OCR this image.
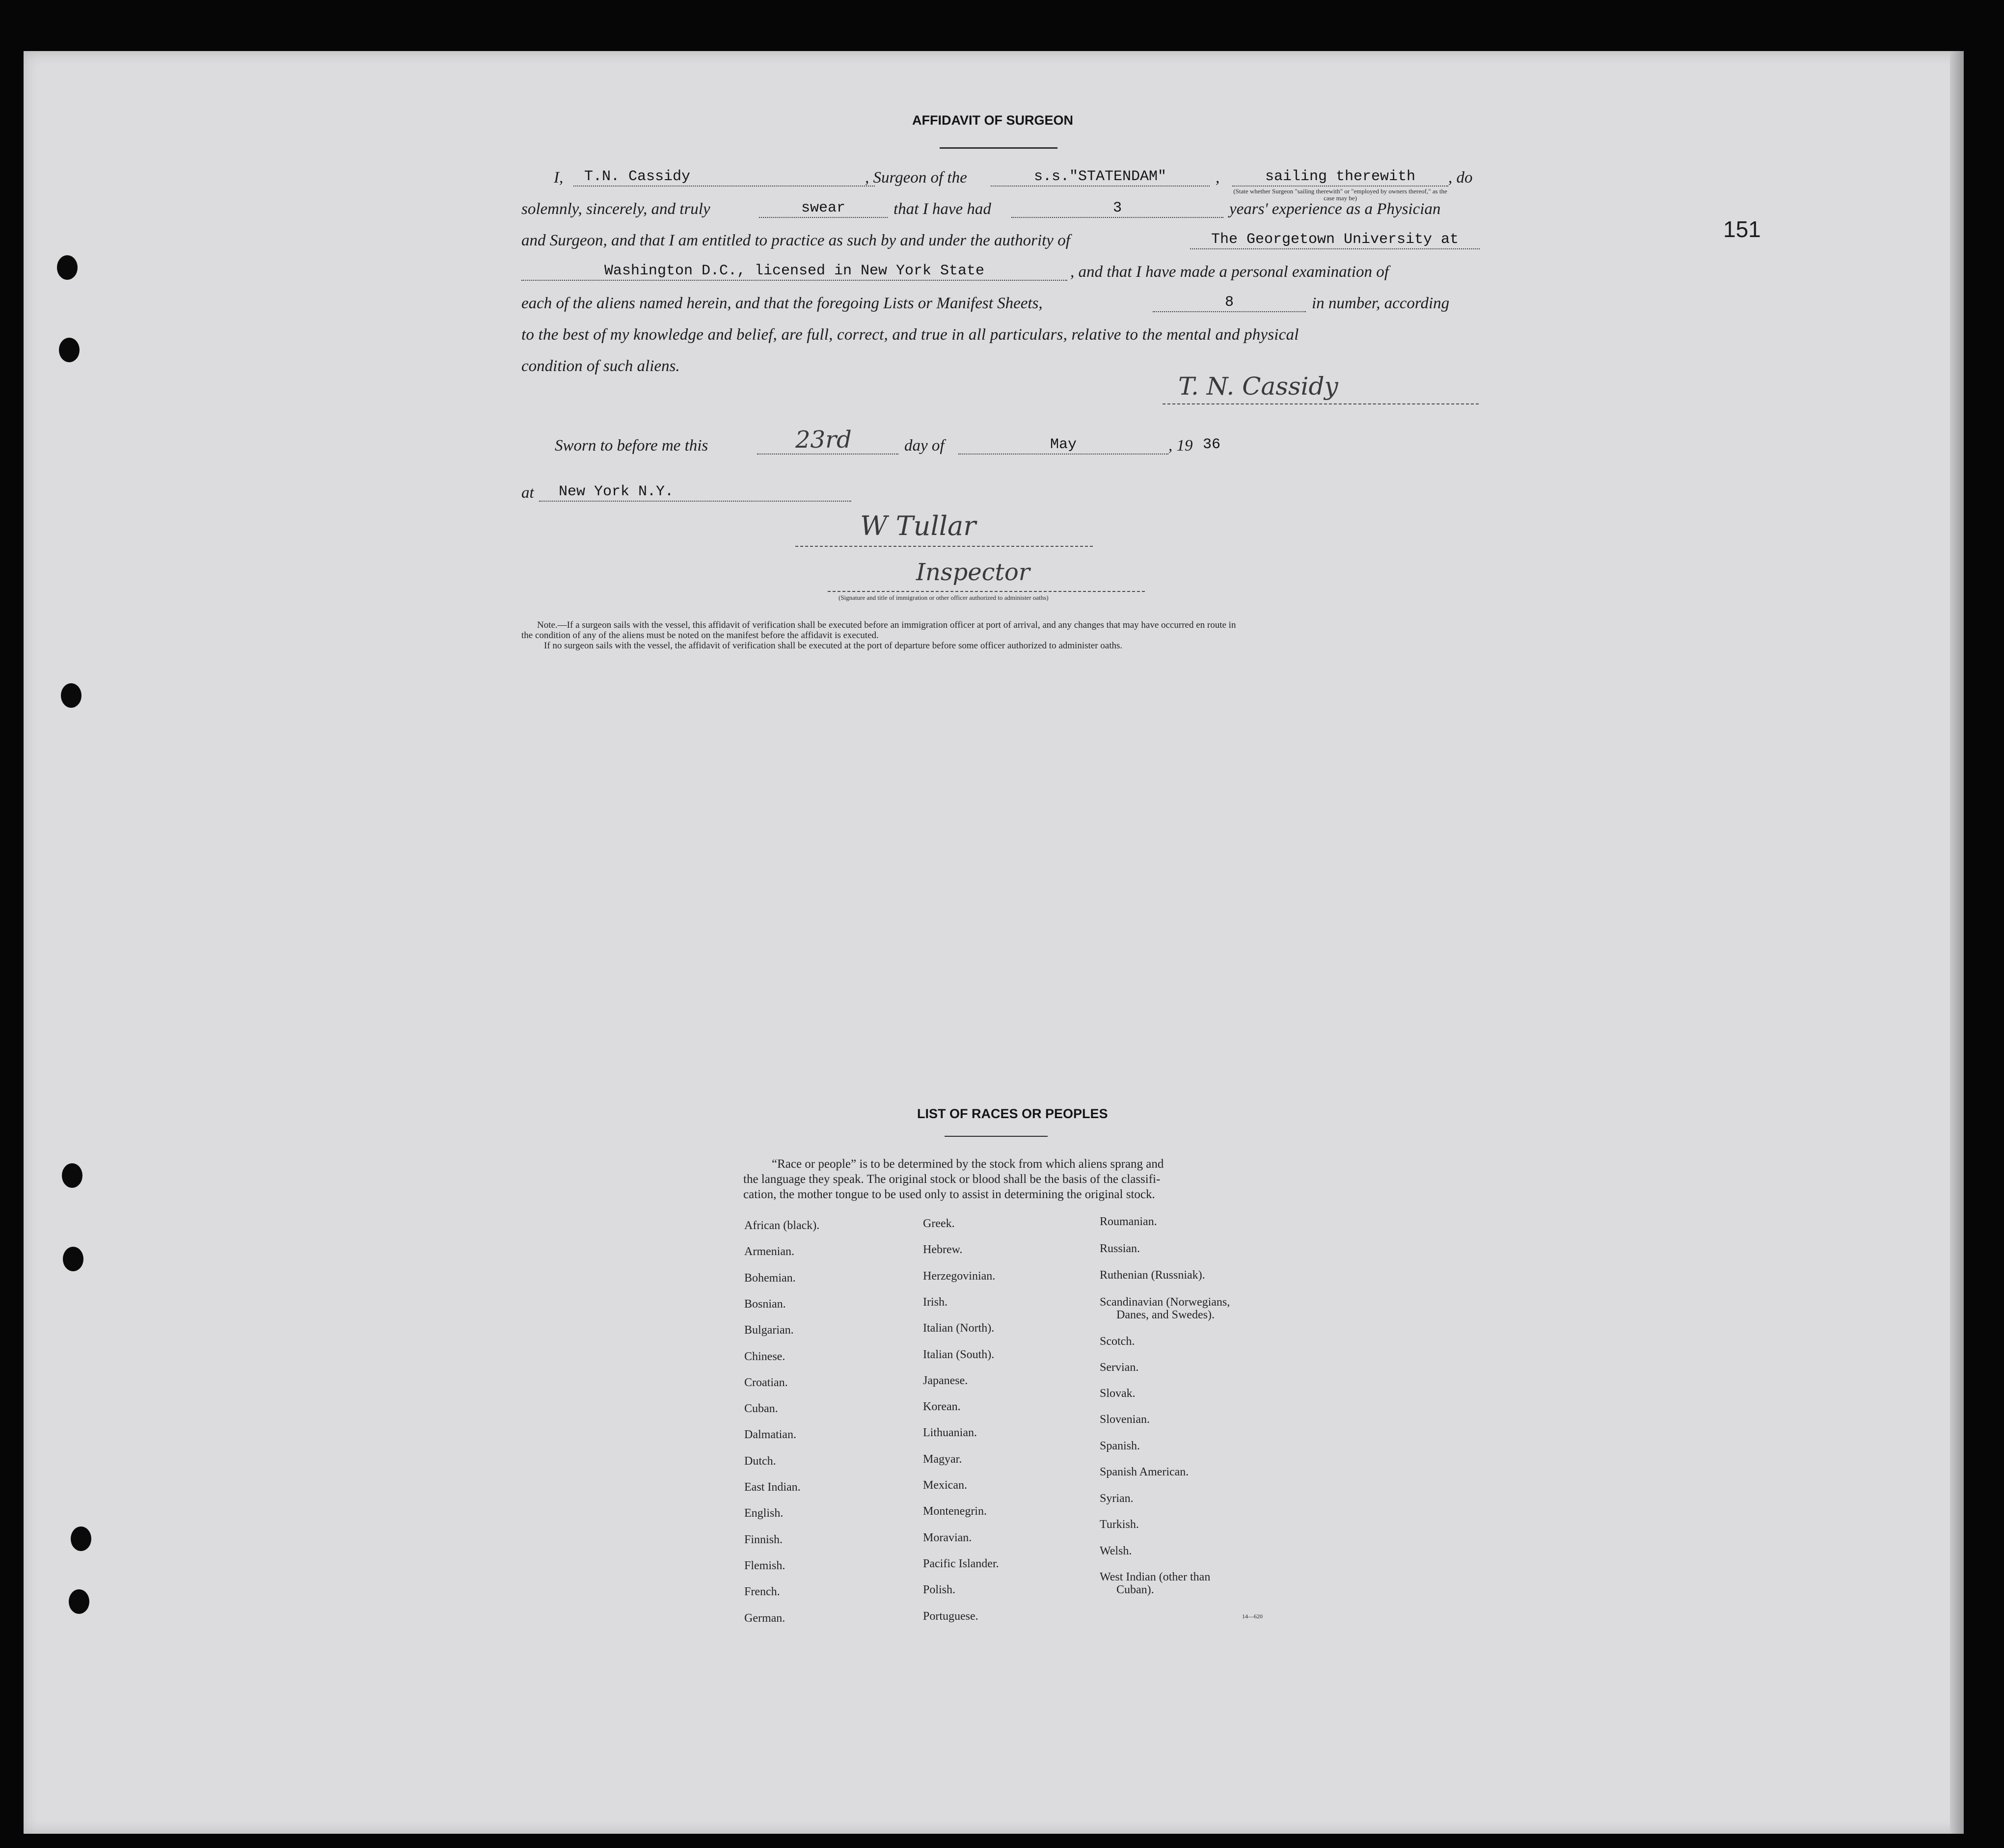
AFFIDAVIT OF SURGEON
I,	T.N. Cassidy	, Surgeon of the	s.s."STATENDAM"	,	sailing therewith	, do
(State whether Surgeon "sailing therewith" or "employed by owners thereof," as the case may be)
solemnly, sincerely, and truly	swear	that I have had	3	years' experience as a Physician
and Surgeon, and that I am entitled to practice as such by and under the authority of	The Georgetown University at
Washington D.C., licensed in New York State	, and that I have made a personal examination of
each of the aliens named herein, and that the foregoing Lists or Manifest Sheets,	8	in number, according
to the best of my knowledge and belief, are full, correct, and true in all particulars, relative to the mental and physical
condition of such aliens.
T. N. Cassidy
Sworn to before me this	23rd	day of	May	, 19 36
at	New York N.Y.
W Tullar
Inspector
(Signature and title of immigration or other officer authorized to administer oaths)
Note.—If a surgeon sails with the vessel, this affidavit of verification shall be executed before an immigration officer at port of arrival, and any changes that may have occurred en route in
the condition of any of the aliens must be noted on the manifest before the affidavit is executed.
If no surgeon sails with the vessel, the affidavit of verification shall be executed at the port of departure before some officer authorized to administer oaths.
151
LIST OF RACES OR PEOPLES
“Race or people” is to be determined by the stock from which aliens sprang and
the language they speak. The original stock or blood shall be the basis of the classifi-
cation, the mother tongue to be used only to assist in determining the original stock.
African (black).
Armenian.
Bohemian.
Bosnian.
Bulgarian.
Chinese.
Croatian.
Cuban.
Dalmatian.
Dutch.
East Indian.
English.
Finnish.
Flemish.
French.
German.
Greek.
Hebrew.
Herzegovinian.
Irish.
Italian (North).
Italian (South).
Japanese.
Korean.
Lithuanian.
Magyar.
Mexican.
Montenegrin.
Moravian.
Pacific Islander.
Polish.
Portuguese.
Roumanian.
Russian.
Ruthenian (Russniak).
Scandinavian (Norwegians,
Danes, and Swedes).
Scotch.
Servian.
Slovak.
Slovenian.
Spanish.
Spanish American.
Syrian.
Turkish.
Welsh.
West Indian (other than
Cuban).
14—620
